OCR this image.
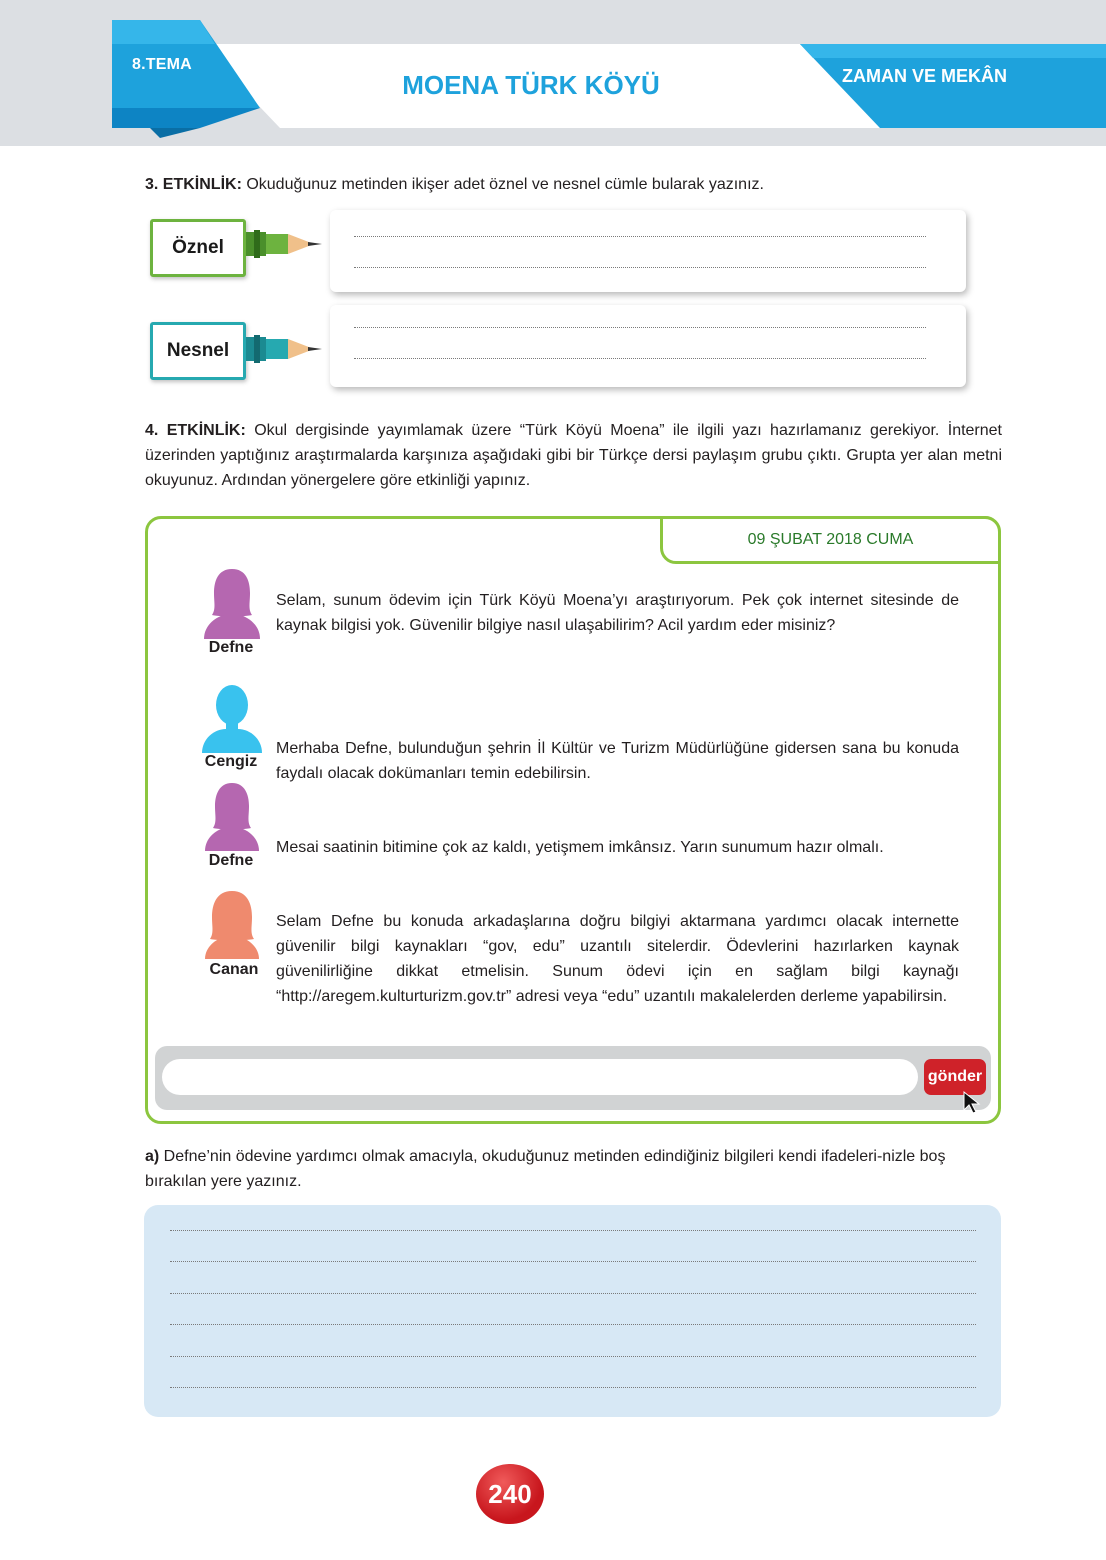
8.TEMA
MOENA TÜRK KÖYÜ	ZAMAN VE MEKÂN
3. ETKİNLİK: Okuduğunuz metinden ikişer adet öznel ve nesnel cümle bularak yazınız.
Öznel
Nesnel
4. ETKİNLİK: Okul dergisinde yayımlamak üzere “Türk Köyü Moena” ile ilgili yazı hazırlamanız gerekiyor. İnternet üzerinden yaptığınız araştırmalarda karşınıza aşağıdaki gibi bir Türkçe dersi paylaşım grubu çıktı. Grupta yer alan metni okuyunuz. Ardından yönergelere göre etkinliği yapınız.
09 ŞUBAT 2018 CUMA
Defne
Selam, sunum ödevim için Türk Köyü Moena’yı araştırıyorum. Pek çok internet sitesinde de kaynak bilgisi yok. Güvenilir bilgiye nasıl ulaşabilirim? Acil yardım eder misiniz?
Cengiz
Merhaba Defne, bulunduğun şehrin İl Kültür ve Turizm Müdürlüğüne gidersen sana bu konuda faydalı olacak dokümanları temin edebilirsin.
Defne
Mesai saatinin bitimine çok az kaldı, yetişmem imkânsız. Yarın sunumum hazır olmalı.
Canan
Selam Defne bu konuda arkadaşlarına doğru bilgiyi aktarmana yardımcı olacak internette güvenilir bilgi kaynakları “gov, edu” uzantılı sitelerdir. Ödevlerini hazırlarken kaynak güvenilirliğine dikkat etmelisin. Sunum ödevi için en sağlam bilgi kaynağı “http://aregem.kulturturizm.gov.tr” adresi veya “edu” uzantılı makalelerden derleme yapabilirsin.
gönder
a) Defne’nin ödevine yardımcı olmak amacıyla, okuduğunuz metinden edindiğiniz bilgileri kendi ifadeleri-nizle boş bırakılan yere yazınız.
240
